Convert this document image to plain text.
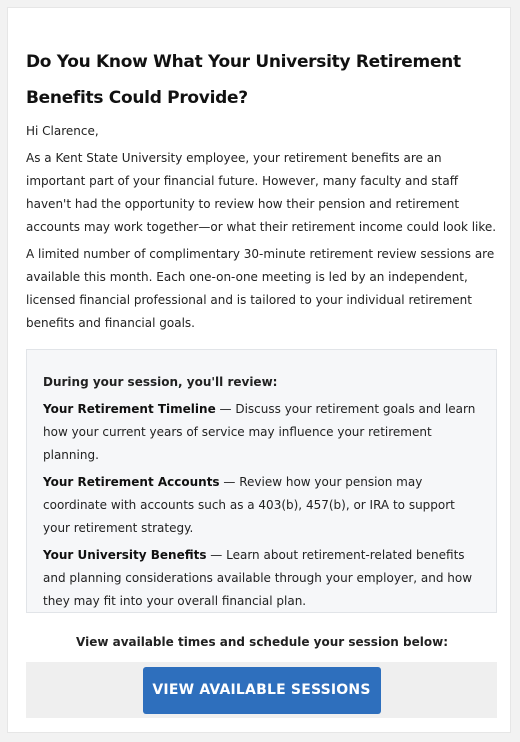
Do You Know What Your University Retirement Benefits Could Provide?

Hi Clarence,

As a Kent State University employee, your retirement benefits are an important part of your financial future. However, many faculty and staff haven't had the opportunity to review how their pension and retirement accounts may work together—or what their retirement income could look like.

A limited number of complimentary 30-minute retirement review sessions are available this month. Each one-on-one meeting is led by an independent, licensed financial professional and is tailored to your individual retirement benefits and financial goals.

During your session, you'll review:

Your Retirement Timeline — Discuss your retirement goals and learn how your current years of service may influence your retirement planning.

Your Retirement Accounts — Review how your pension may coordinate with accounts such as a 403(b), 457(b), or IRA to support your retirement strategy.

Your University Benefits — Learn about retirement-related benefits and planning considerations available through your employer, and how they may fit into your overall financial plan.

View available times and schedule your session below:
VIEW AVAILABLE SESSIONS
